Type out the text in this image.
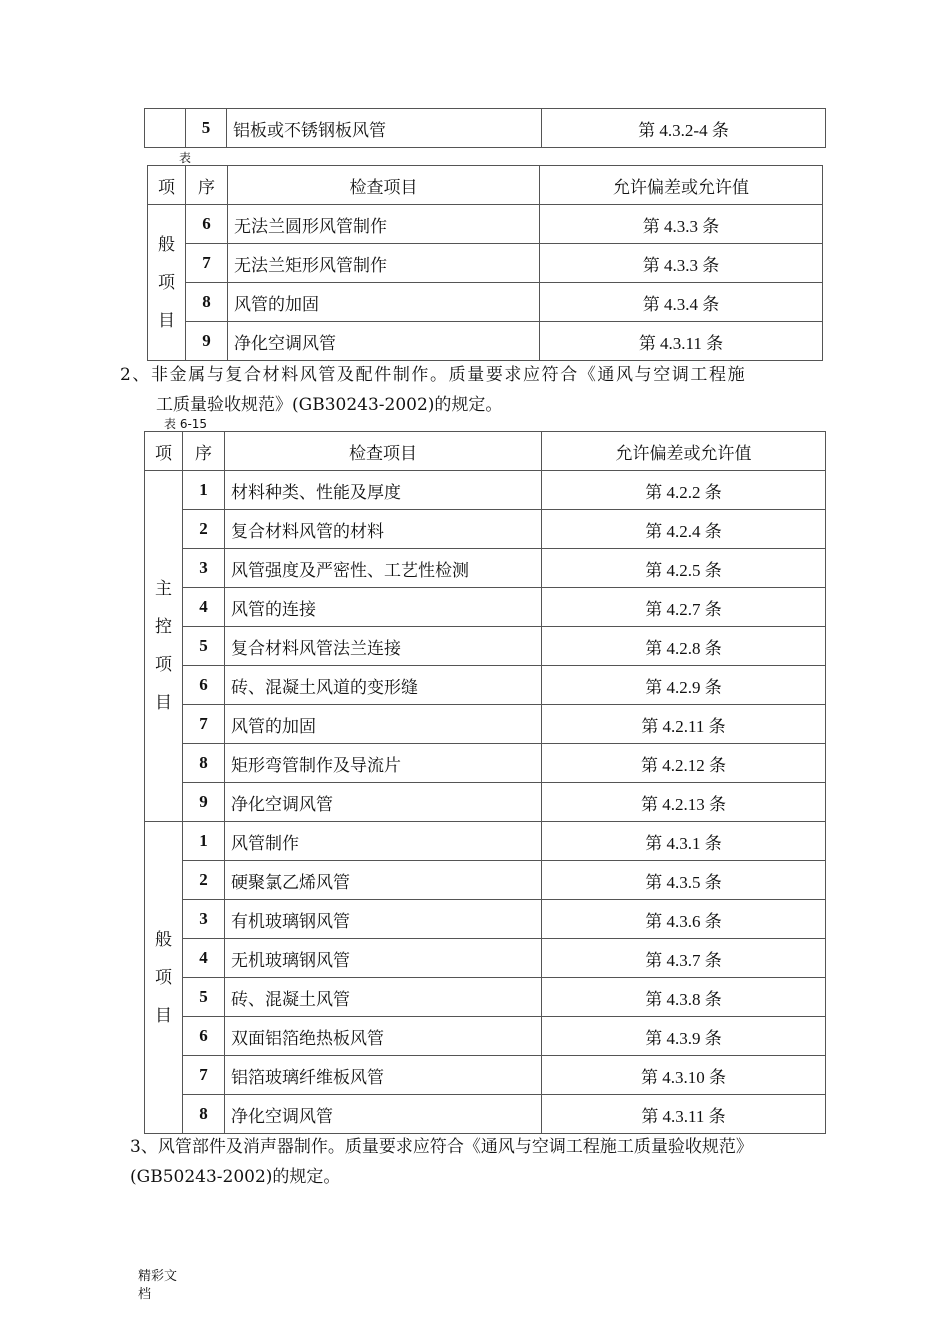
	5	铝板或不锈钢板风管	第 4.3.2-4 条
表
项	序	检查项目	允许偏差或允许值

般
项
目	6	无法兰圆形风管制作	第 4.3.3 条
	7	无法兰矩形风管制作	第 4.3.3 条
	8	风管的加固	第 4.3.4 条
	9	净化空调风管	第 4.3.11 条
2、非金属与复合材料风管及配件制作。质量要求应符合《通风与空调工程施
工质量验收规范》(GB30243-2002)的规定。
表 6-15
项	序	检查项目	允许偏差或允许值

主
控
项
目	1	材料种类、性能及厚度	第 4.2.2 条
	2	复合材料风管的材料	第 4.2.4 条
	3	风管强度及严密性、工艺性检测	第 4.2.5 条
	4	风管的连接	第 4.2.7 条
	5	复合材料风管法兰连接	第 4.2.8 条
	6	砖、混凝土风道的变形缝	第 4.2.9 条
	7	风管的加固	第 4.2.11 条
	8	矩形弯管制作及导流片	第 4.2.12 条
	9	净化空调风管	第 4.2.13 条

般
项
目	1	风管制作	第 4.3.1 条
	2	硬聚氯乙烯风管	第 4.3.5 条
	3	有机玻璃钢风管	第 4.3.6 条
	4	无机玻璃钢风管	第 4.3.7 条
	5	砖、混凝土风管	第 4.3.8 条
	6	双面铝箔绝热板风管	第 4.3.9 条
	7	铝箔玻璃纤维板风管	第 4.3.10 条
	8	净化空调风管	第 4.3.11 条
3、风管部件及消声器制作。质量要求应符合《通风与空调工程施工质量验收规范》
(GB50243-2002)的规定。
精彩文
档
